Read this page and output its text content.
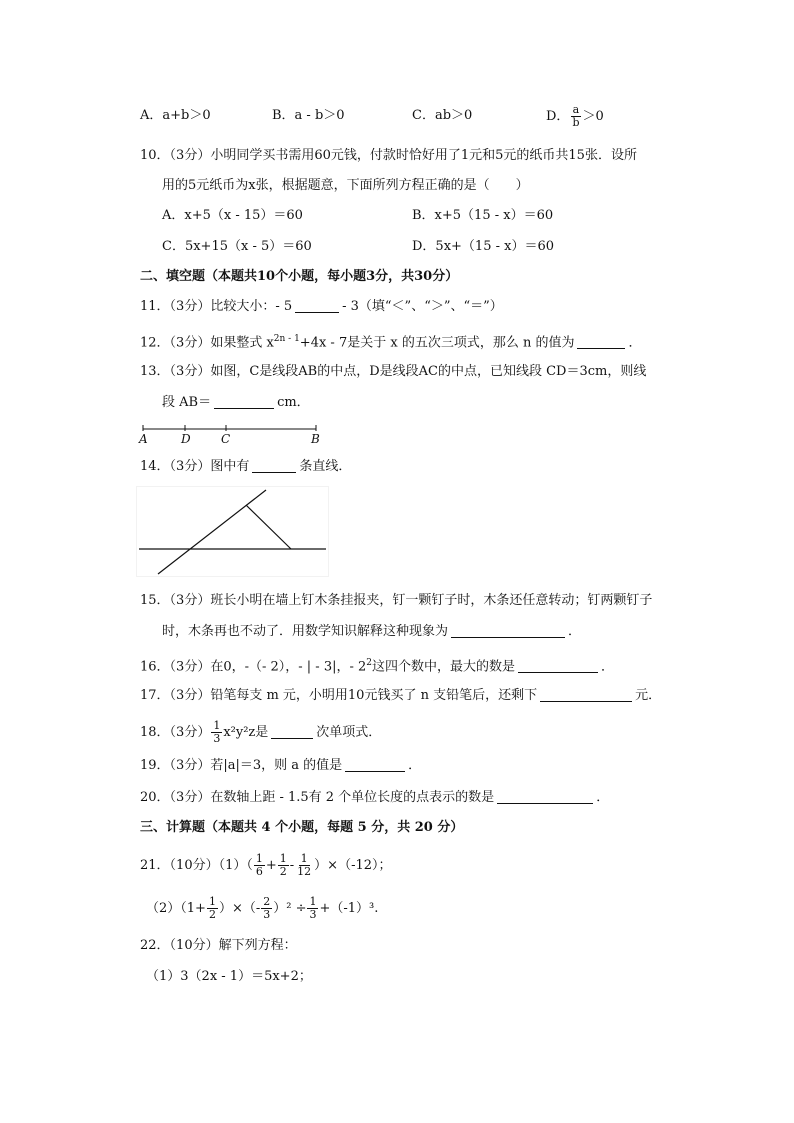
A．a+b＞0	B．a - b＞0	C．ab＞0	D． $\frac{a}{b} >0$
10．（3分）小明同学买书需用60元钱，付款时恰好用了1元和5元的纸币共15张．设所
用的5元纸币为x张，根据题意，下面所列方程正确的是（　　）
A．x+5（x - 15）＝60	B．x+5（15 - x）＝60
C．5x+15（x - 5）＝60	D．5x+（15 - x）＝60
二、填空题（本题共10个小题，每小题3分，共30分）
11．（3分）比较大小：- 5	- 3（填“＜”、“＞”、“＝”）
12．（3分）如果整式 $x^{2n - 1}+4x - 7$是关于 x 的五次三项式，那么 n 的值为	．
13．（3分）如图，C是线段AB的中点，D是线段AC的中点，已知线段 CD＝3cm，则线
段 AB＝	cm．
A	D	C	B
14．（3分）图中有	条直线．
15．（3分）班长小明在墙上钉木条挂报夹，钉一颗钉子时，木条还任意转动；钉两颗钉子
时，木条再也不动了．用数学知识解释这种现象为	．
16．（3分）在0，-（- 2），- | - 3|，- $2^2$这四个数中，最大的数是	．
17．（3分）铅笔每支 m 元，小明用10元钱买了 n 支铅笔后，还剩下	元．
18．（3分） $\frac{1}{3} x^2y^2z$是	次单项式．
19．（3分）若|a|＝3，则 a 的值是	．
20．（3分）在数轴上距 - 1.5有 2 个单位长度的点表示的数是	．
三、计算题（本题共 4 个小题，每题 5 分，共 20 分）
21．（10分）$(1)( \frac{1}{6} + \frac{1}{2} - \frac{1}{12} )\times(-12)$；
$(2)(1+ \frac{1}{2}$ ）×（- $\frac{2}{3} )^2 \div \frac{1}{3} +(-1)^3$.
22．（10分）解下列方程：
（1）3（2x - 1）＝5x+2；
